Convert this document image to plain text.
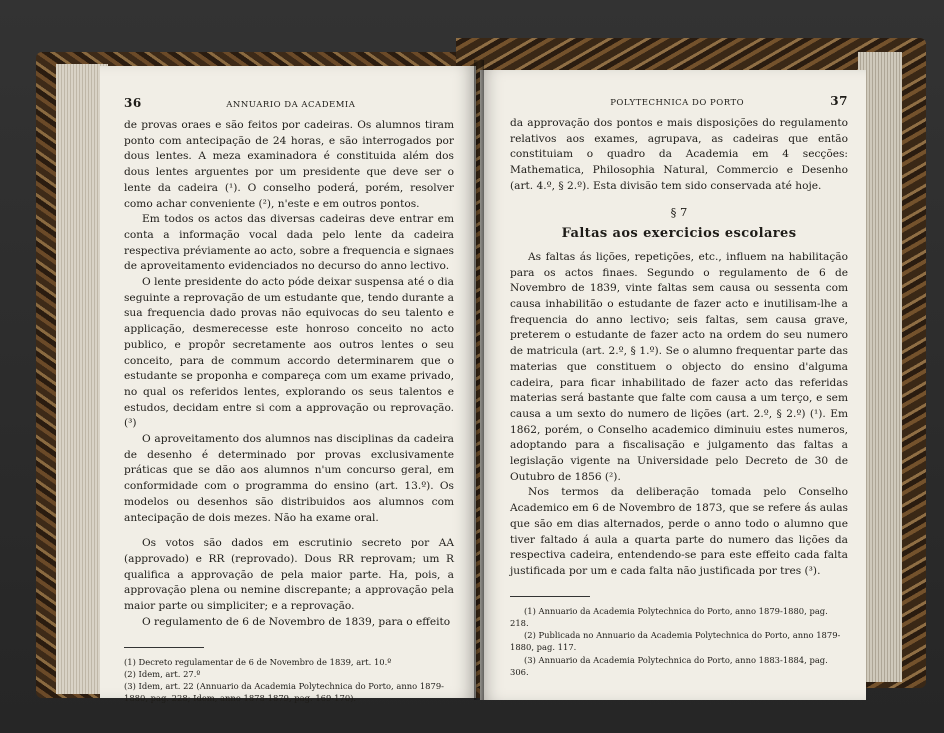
36	ANNUARIO DA ACADEMIA

de provas oraes e são feitos por cadeiras. Os alumnos tiram ponto com antecipação de 24 horas, e são interrogados por dous lentes. A meza examinadora é constituida além dos dous lentes arguentes por um presidente que deve ser o lente da cadeira (¹). O conselho poderá, porém, resolver como achar conveniente (²), n'este e em outros pontos.

Em todos os actos das diversas cadeiras deve entrar em conta a informação vocal dada pelo lente da cadeira respectiva préviamente ao acto, sobre a frequencia e signaes de aproveitamento evidenciados no decurso do anno lectivo.

O lente presidente do acto póde deixar suspensa até o dia seguinte a reprovação de um estudante que, tendo durante a sua frequencia dado provas não equivocas do seu talento e applicação, desmerecesse este honroso conceito no acto publico, e propôr secretamente aos outros lentes o seu conceito, para de commum accordo determinarem que o estudante se proponha e compareça com um exame privado, no qual os referidos lentes, explorando os seus talentos e estudos, decidam entre si com a approvação ou reprovação. (³)

O aproveitamento dos alumnos nas disciplinas da cadeira de desenho é determinado por provas exclusivamente práticas que se dão aos alumnos n'um concurso geral, em conformidade com o programma do ensino (art. 13.º). Os modelos ou desenhos são distribuidos aos alumnos com antecipação de dois mezes. Não ha exame oral.

Os votos são dados em escrutinio secreto por AA (approvado) e RR (reprovado). Dous RR reprovam; um R qualifica a approvação de pela maior parte. Ha, pois, a approvação plena ou nemine discrepante; a approvação pela maior parte ou simpliciter; e a reprovação.

O regulamento de 6 de Novembro de 1839, para o effeito

(1) Decreto regulamentar de 6 de Novembro de 1839, art. 10.º

(2) Idem, art. 27.º

(3) Idem, art. 22 (Annuario da Academia Polytechnica do Porto, anno 1879-1880, pag. 228; Idem, anno 1878-1879, pag. 169-170).

POLYTECHNICA DO PORTO	37

da approvação dos pontos e mais disposições do regulamento relativos aos exames, agrupava, as cadeiras que então constituiam o quadro da Academia em 4 secções: Mathematica, Philosophia Natural, Commercio e Desenho (art. 4.º, § 2.º). Esta divisão tem sido conservada até hoje.

§ 7
Faltas aos exercicios escolares

As faltas ás lições, repetições, etc., influem na habilitação para os actos finaes. Segundo o regulamento de 6 de Novembro de 1839, vinte faltas sem causa ou sessenta com causa inhabilitão o estudante de fazer acto e inutilisam-lhe a frequencia do anno lectivo; seis faltas, sem causa grave, preterem o estudante de fazer acto na ordem do seu numero de matricula (art. 2.º, § 1.º). Se o alumno frequentar parte das materias que constituem o objecto do ensino d'alguma cadeira, para ficar inhabilitado de fazer acto das referidas materias será bastante que falte com causa a um terço, e sem causa a um sexto do numero de lições (art. 2.º, § 2.º) (¹). Em 1862, porém, o Conselho academico diminuiu estes numeros, adoptando para a fiscalisação e julgamento das faltas a legislação vigente na Universidade pelo Decreto de 30 de Outubro de 1856 (²).

Nos termos da deliberação tomada pelo Conselho Academico em 6 de Novembro de 1873, que se refere ás aulas que são em dias alternados, perde o anno todo o alumno que tiver faltado á aula a quarta parte do numero das lições da respectiva cadeira, entendendo-se para este effeito cada falta justificada por um e cada falta não justificada por tres (³).

(1) Annuario da Academia Polytechnica do Porto, anno 1879-1880, pag. 218.

(2) Publicada no Annuario da Academia Polytechnica do Porto, anno 1879-1880, pag. 117.

(3) Annuario da Academia Polytechnica do Porto, anno 1883-1884, pag. 306.
